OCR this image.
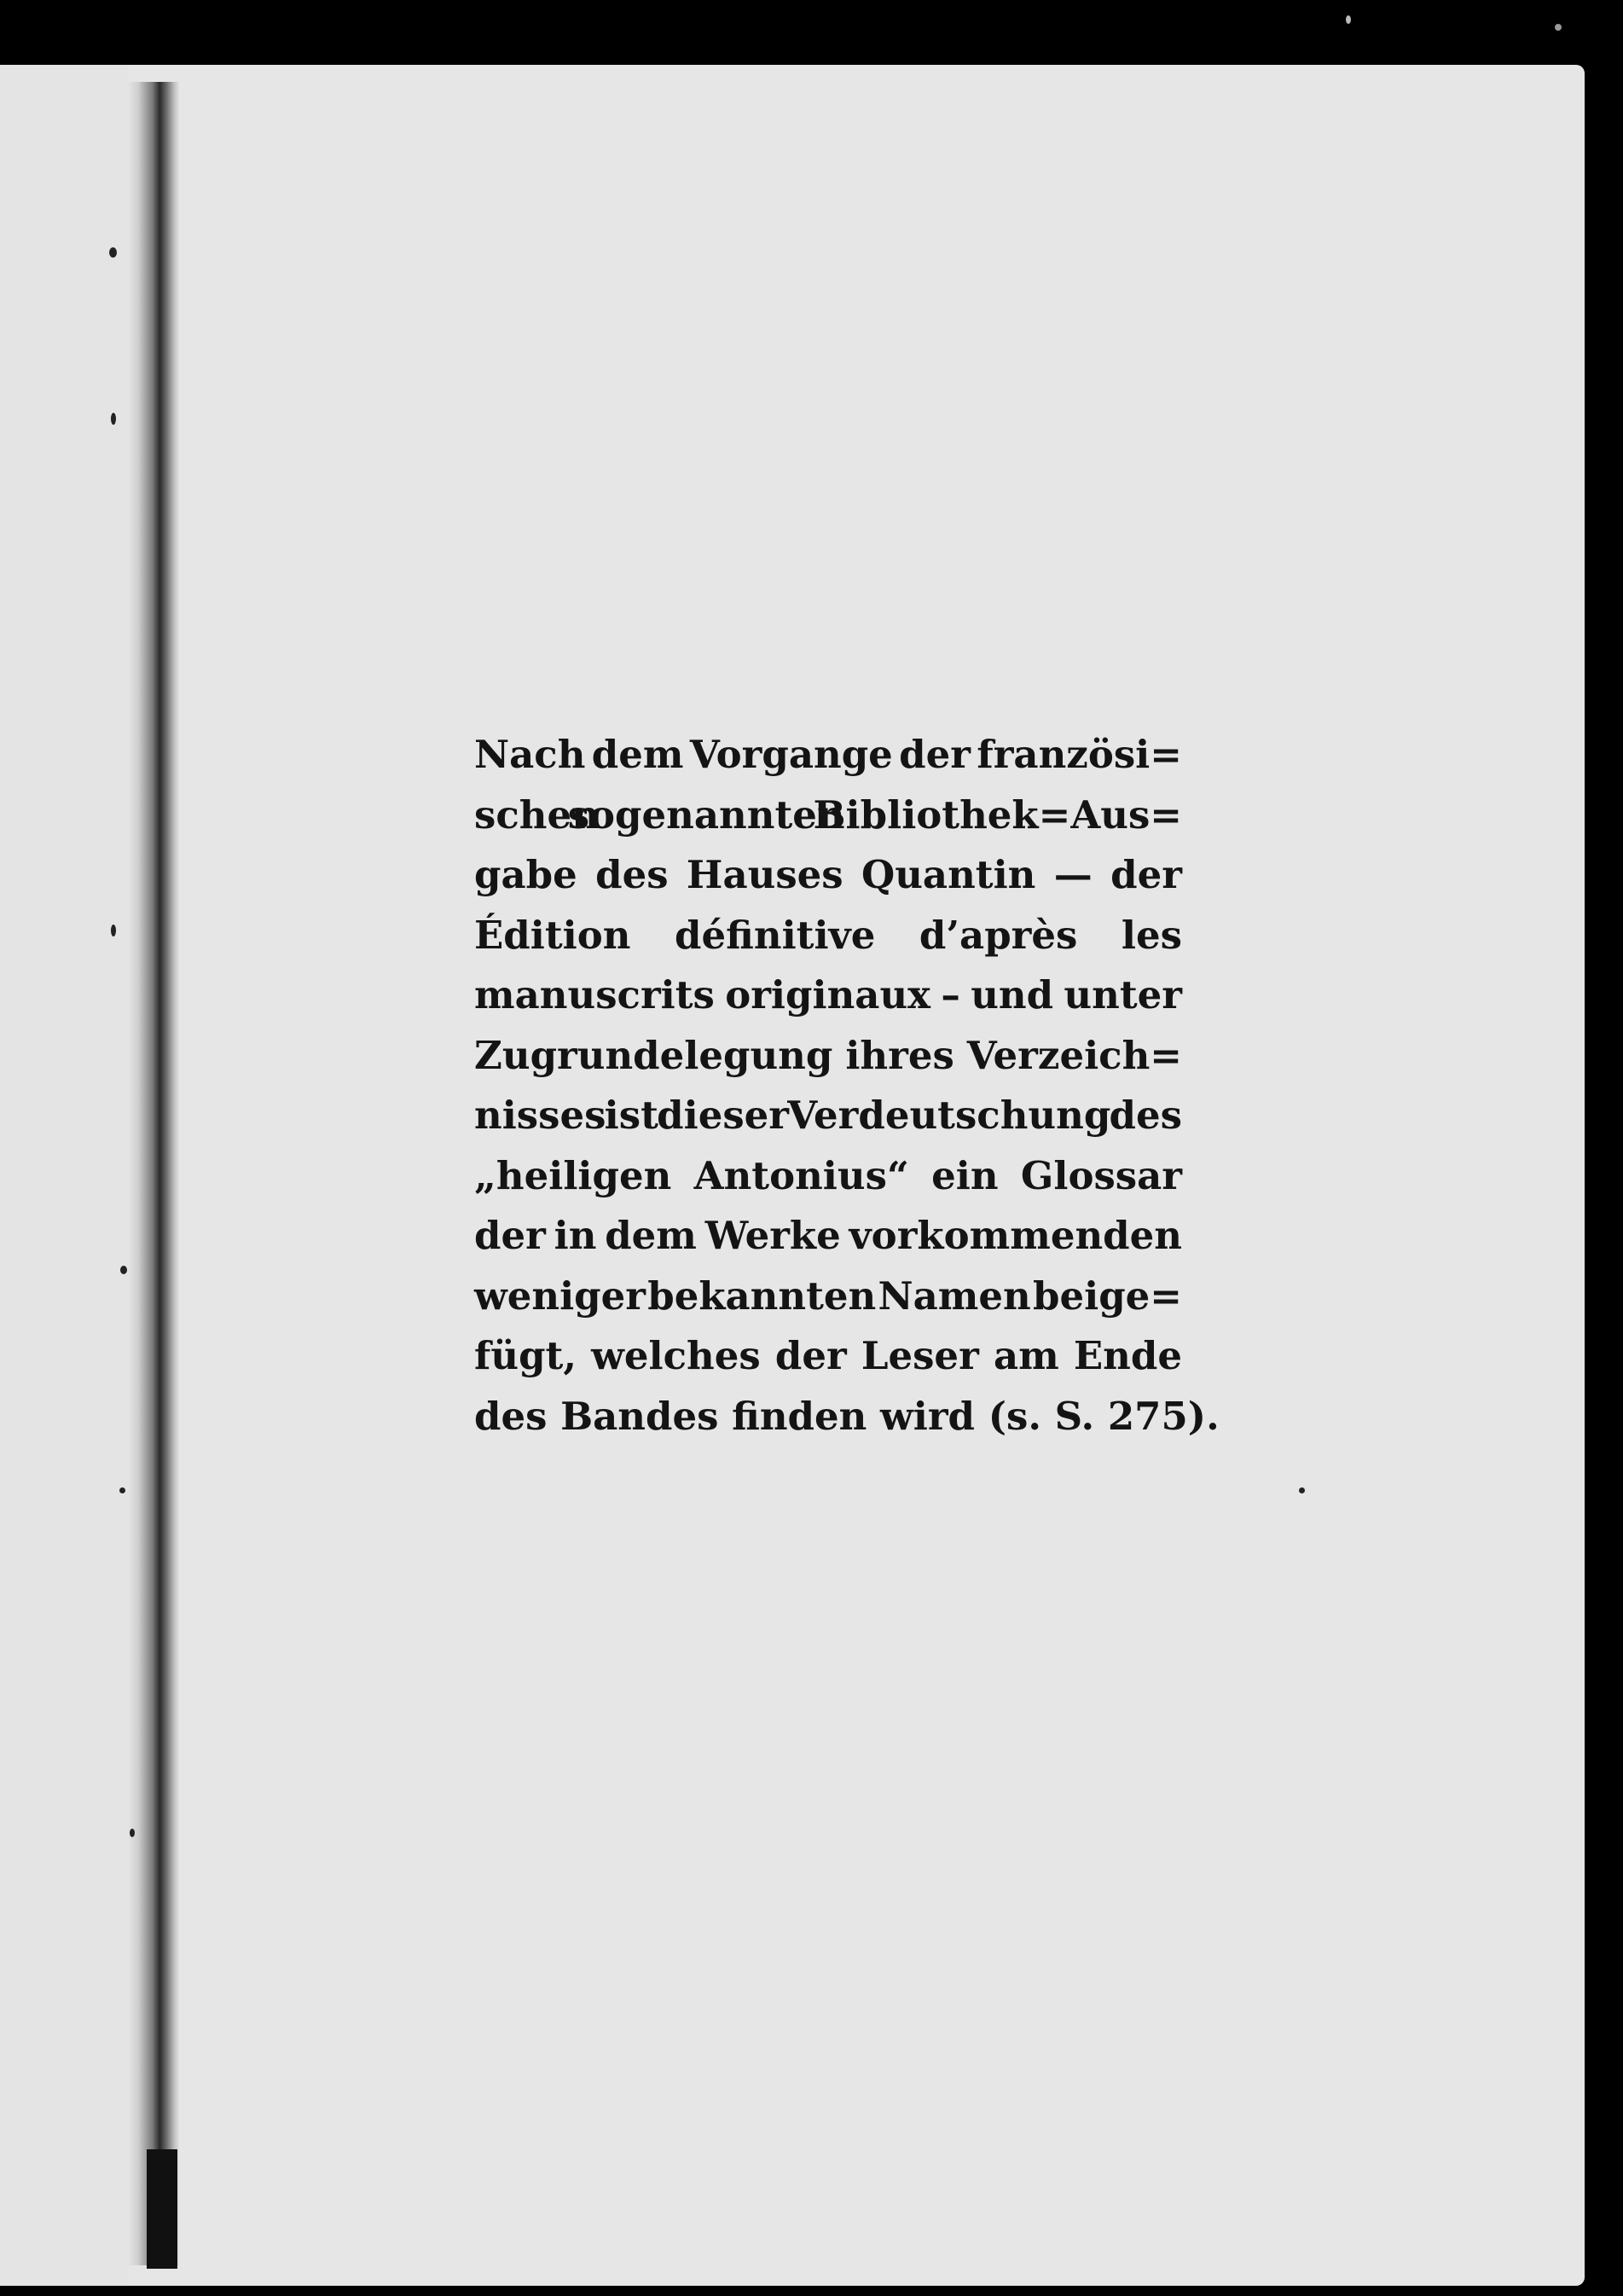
Nach dem Vorgange der französi=
schen sogenannten Bibliothek=Aus=
gabe des Hauses Quantin — der
Édition définitive d’après les
manuscrits originaux – und unter
Zugrundelegung ihres Verzeich=
nisses ist dieser Verdeutschung des
„heiligen Antonius“ ein Glossar
der in dem Werke vorkommenden
weniger bekannten Namen beige=
fügt, welches der Leser am Ende
des Bandes finden wird (s. S. 275).
